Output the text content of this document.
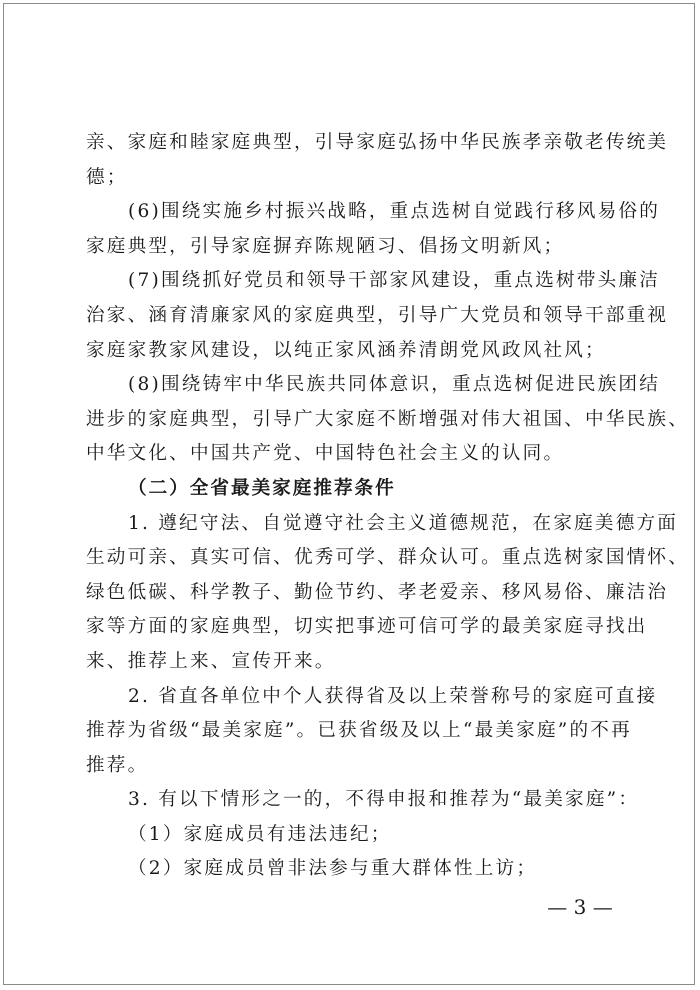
亲、家庭和睦家庭典型，引导家庭弘扬中华民族孝亲敬老传统美
德；
(6)围绕实施乡村振兴战略，重点选树自觉践行移风易俗的
家庭典型，引导家庭摒弃陈规陋习、倡扬文明新风；
(7)围绕抓好党员和领导干部家风建设，重点选树带头廉洁
治家、涵育清廉家风的家庭典型，引导广大党员和领导干部重视
家庭家教家风建设，以纯正家风涵养清朗党风政风社风；
(8)围绕铸牢中华民族共同体意识，重点选树促进民族团结
进步的家庭典型，引导广大家庭不断增强对伟大祖国、中华民族、
中华文化、中国共产党、中国特色社会主义的认同。
（二）全省最美家庭推荐条件
1. 遵纪守法、自觉遵守社会主义道德规范，在家庭美德方面
生动可亲、真实可信、优秀可学、群众认可。重点选树家国情怀、
绿色低碳、科学教子、勤俭节约、孝老爱亲、移风易俗、廉洁治
家等方面的家庭典型，切实把事迹可信可学的最美家庭寻找出
来、推荐上来、宣传开来。
2. 省直各单位中个人获得省及以上荣誉称号的家庭可直接
推荐为省级“最美家庭”。已获省级及以上“最美家庭”的不再
推荐。
3. 有以下情形之一的，不得申报和推荐为“最美家庭”：
（1）家庭成员有违法违纪；
（2）家庭成员曾非法参与重大群体性上访；
— 3 —
